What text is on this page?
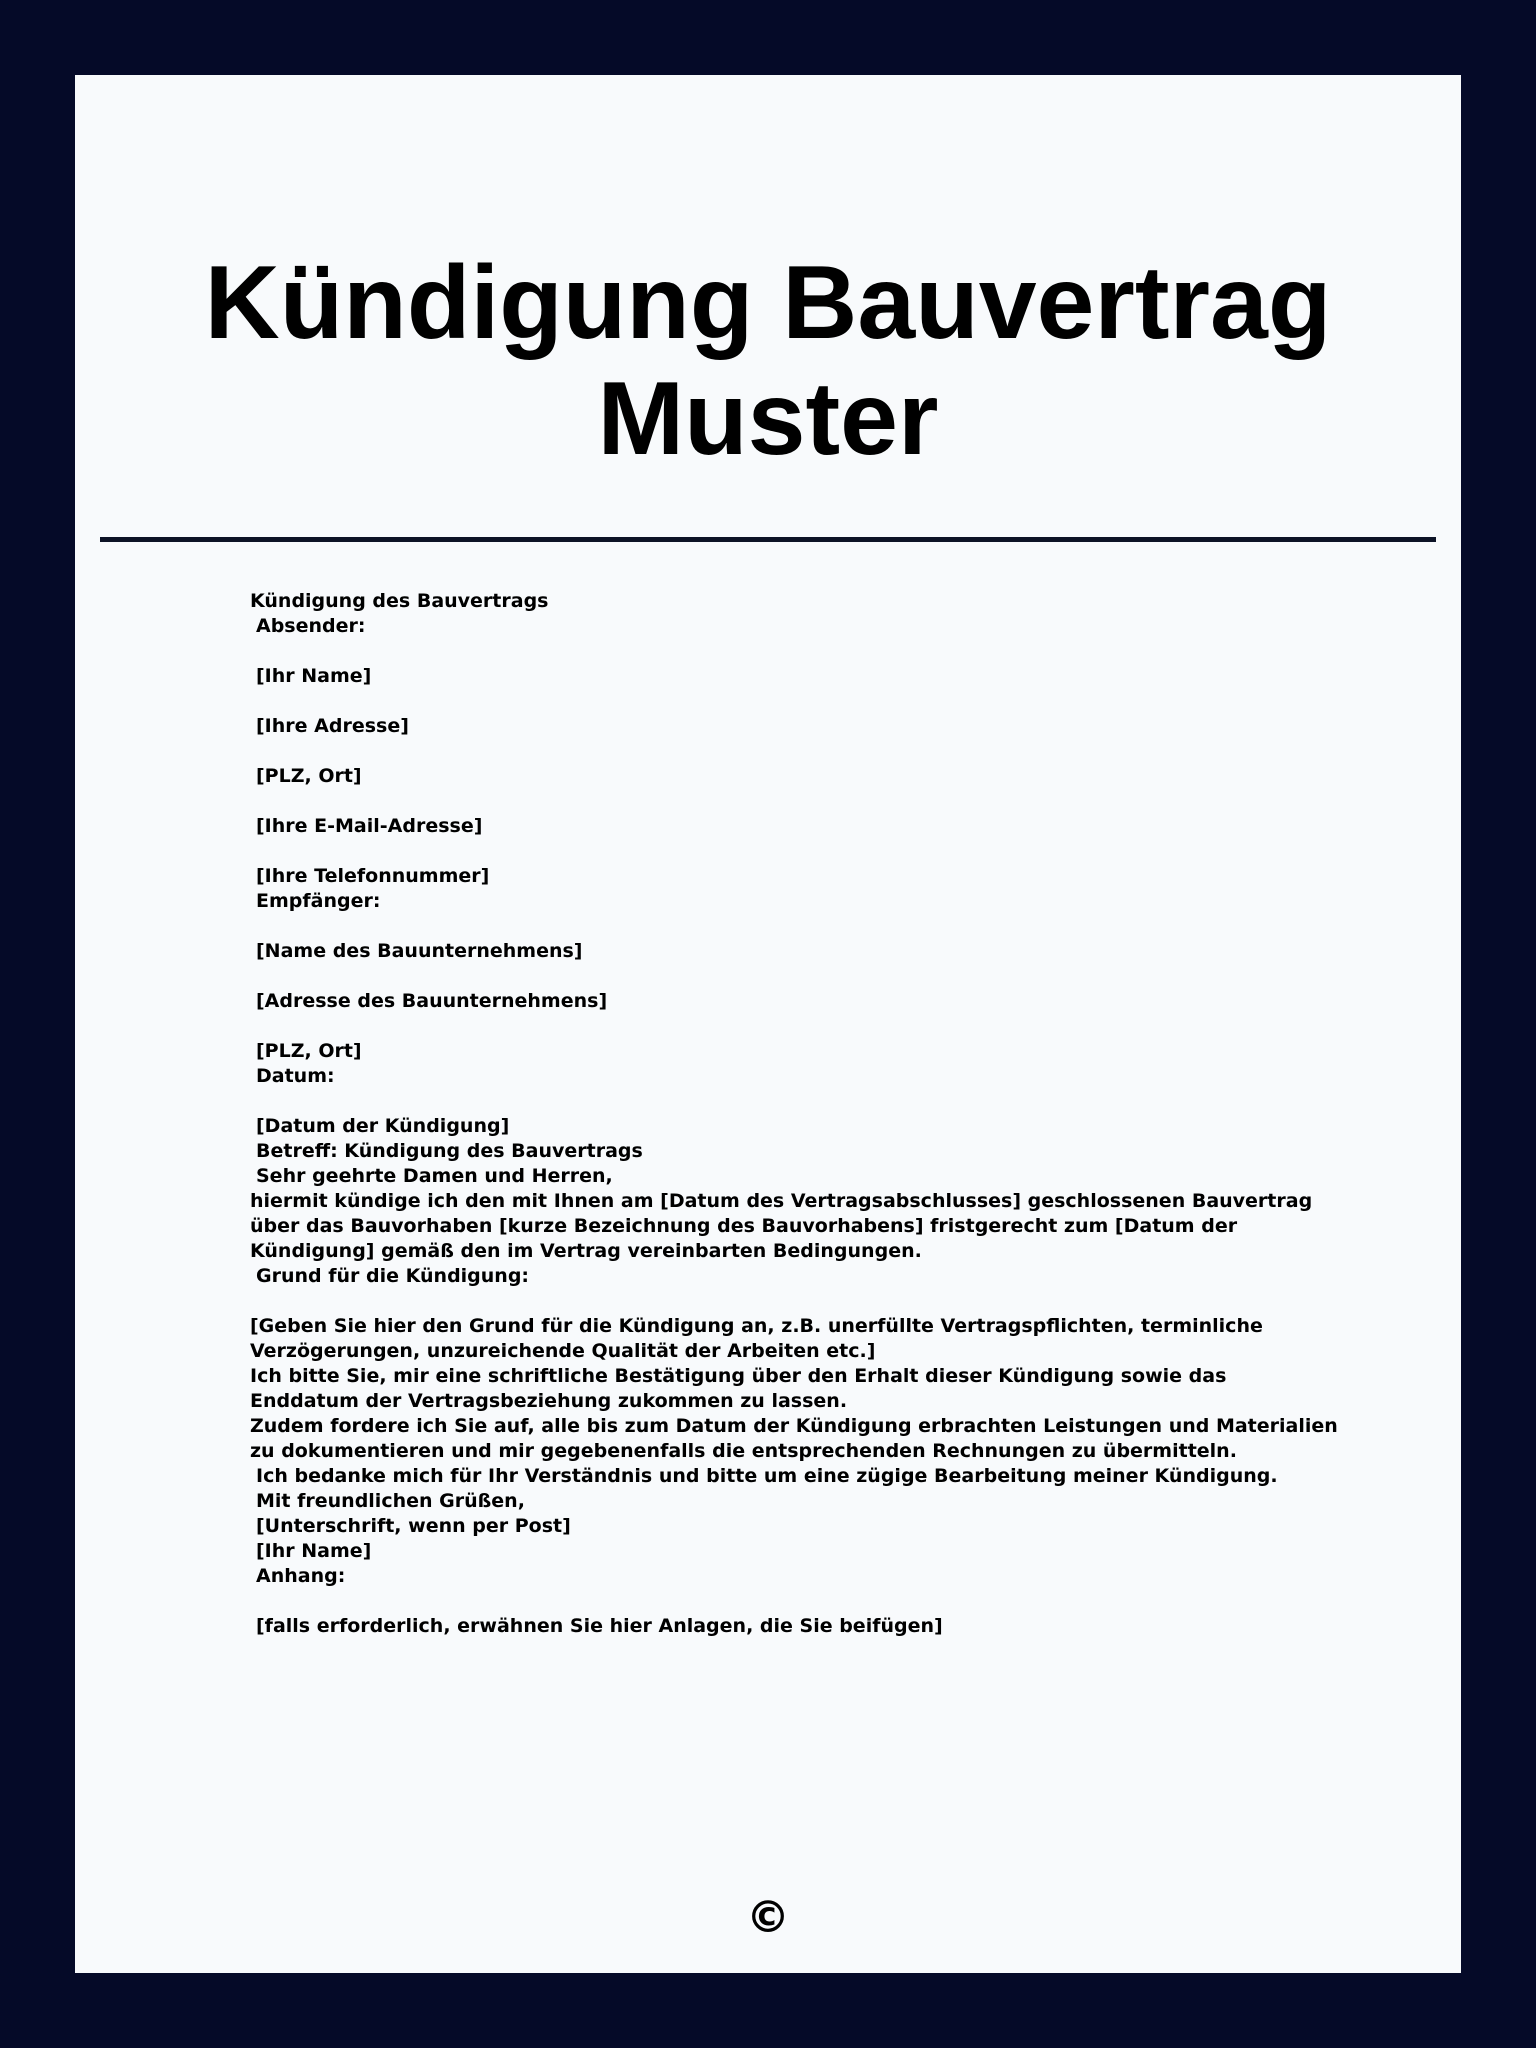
Kündigung Bauvertrag
Muster
Kündigung des Bauvertrags
Absender:
[Ihr Name]
[Ihre Adresse]
[PLZ, Ort]
[Ihre E-Mail-Adresse]
[Ihre Telefonnummer]
Empfänger:
[Name des Bauunternehmens]
[Adresse des Bauunternehmens]
[PLZ, Ort]
Datum:
[Datum der Kündigung]
Betreff: Kündigung des Bauvertrags
Sehr geehrte Damen und Herren,
hiermit kündige ich den mit Ihnen am [Datum des Vertragsabschlusses] geschlossenen Bauvertrag über das Bauvorhaben [kurze Bezeichnung des Bauvorhabens] fristgerecht zum [Datum der Kündigung] gemäß den im Vertrag vereinbarten Bedingungen.
Grund für die Kündigung:
[Geben Sie hier den Grund für die Kündigung an, z.B. unerfüllte Vertragspflichten, terminliche Verzögerungen, unzureichende Qualität der Arbeiten etc.]
Ich bitte Sie, mir eine schriftliche Bestätigung über den Erhalt dieser Kündigung sowie das Enddatum der Vertragsbeziehung zukommen zu lassen.
Zudem fordere ich Sie auf, alle bis zum Datum der Kündigung erbrachten Leistungen und Materialien zu dokumentieren und mir gegebenenfalls die entsprechenden Rechnungen zu übermitteln.
Ich bedanke mich für Ihr Verständnis und bitte um eine zügige Bearbeitung meiner Kündigung.
Mit freundlichen Grüßen,
[Unterschrift, wenn per Post]
[Ihr Name]
Anhang:
[falls erforderlich, erwähnen Sie hier Anlagen, die Sie beifügen]
©
